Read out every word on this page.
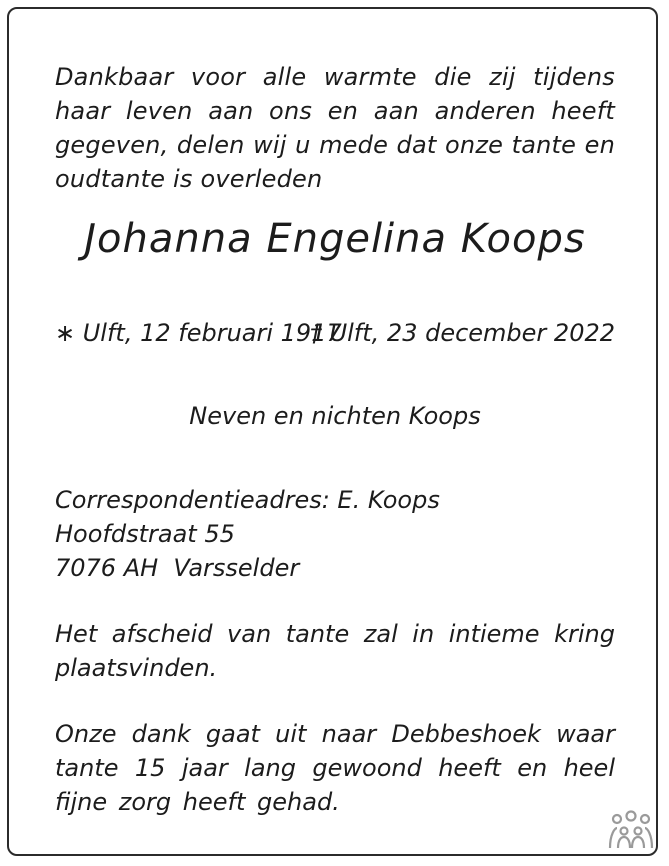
Dankbaar voor alle warmte die zij tijdens haar leven aan ons en aan anderen heeft gegeven, delen wij u mede dat onze tante en oudtante is overleden

Johanna Engelina Koops
∗ Ulft, 12 februari 1917
† Ulft, 23 december 2022

Neven en nichten Koops

Correspondentieadres: E. Koops
Hoofdstraat 55
7076 AH  Varsselder

Het afscheid van tante zal in intieme kring plaatsvinden.

Onze dank gaat uit naar Debbeshoek waar tante 15 jaar lang gewoond heeft en heel fijne zorg heeft gehad.
